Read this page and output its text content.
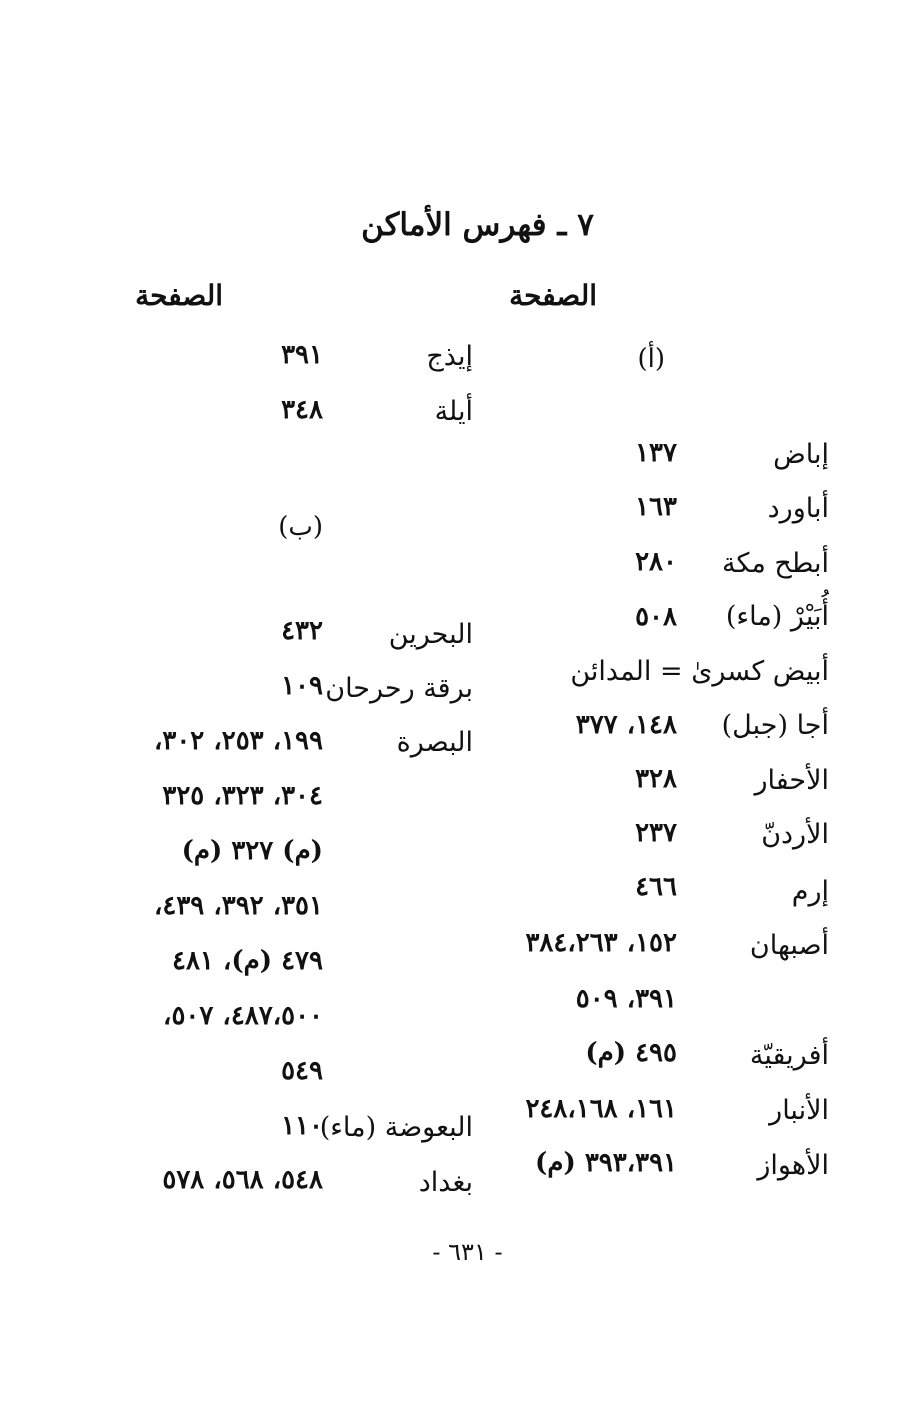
٧ ـ فهرس الأماكن
الصفحة
الصفحة
(أ)
إباض
١٣٧
أباورد
١٦٣
أبطح مكة
٢٨٠
أُبَيْرْ (ماء)
٥٠٨
أبيض كسرىٰ = المدائن
أجا (جبل)
١٤٨، ٣٧٧
الأحفار
٣٢٨
الأردنّ
٢٣٧
إرم
٤٦٦
أصبهان
١٥٢، ٣٨٤،٢٦٣
٣٩١، ٥٠٩
أفريقيّة
٤٩٥ (م)
الأنبار
١٦١، ٢٤٨،١٦٨
الأهواز
٣٩٣،٣٩١ (م)
(ب)
إيذج
٣٩١
أيلة
٣٤٨
البحرين
٤٣٢
برقة رحرحان
١٠٩
البصرة
١٩٩، ٢٥٣، ٣٠٢،
٣٠٤، ٣٢٣، ٣٢٥
(م) ٣٢٧ (م)
٣٥١، ٣٩٢، ٤٣٩،
٤٧٩ (م)، ٤٨١
٤٨٧،٥٠٠، ٥٠٧،
٥٤٩
البعوضة (ماء)
١١٠
بغداد
٥٤٨، ٥٦٨، ٥٧٨
- ٦٣١ -
